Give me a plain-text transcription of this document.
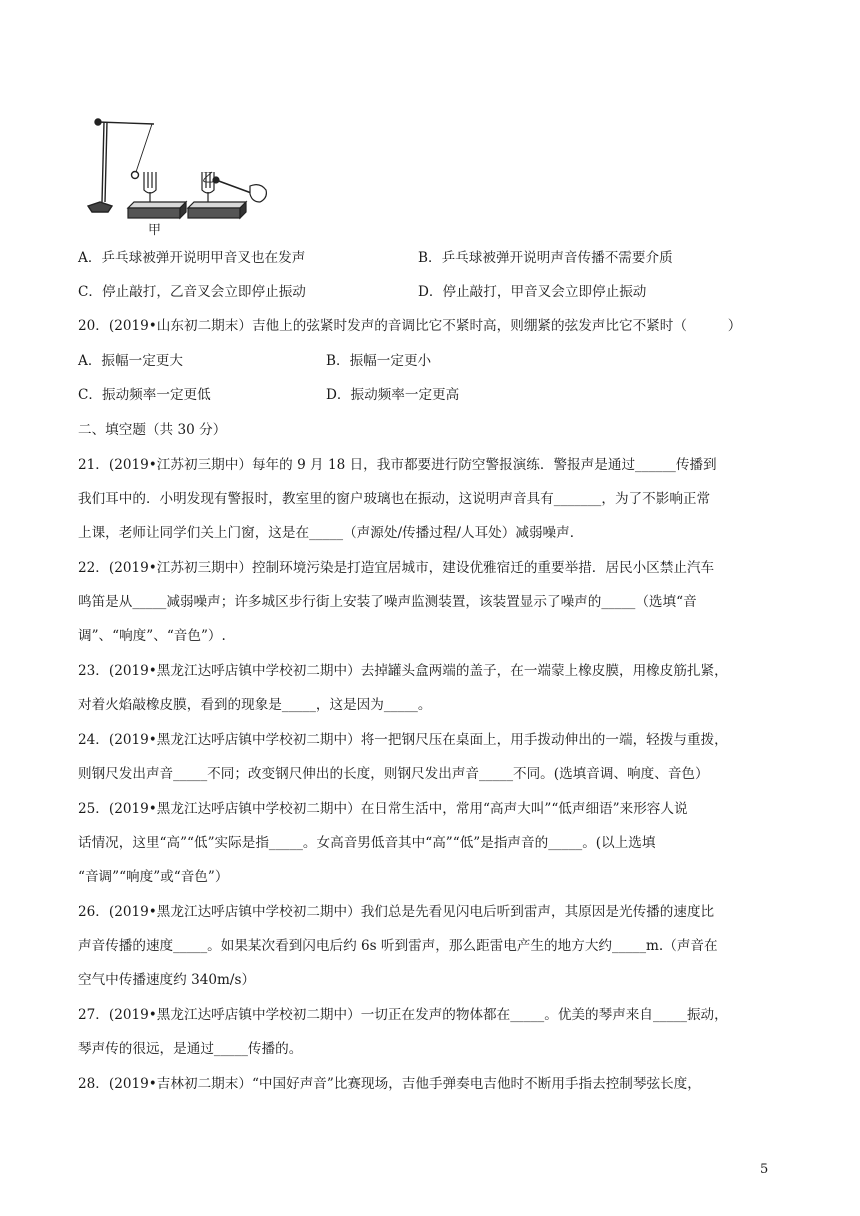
甲
乙
A．乒乓球被弹开说明甲音叉也在发声	B．乒乓球被弹开说明声音传播不需要介质
C．停止敲打，乙音叉会立即停止振动	D．停止敲打，甲音叉会立即停止振动
20．(2019•山东初二期末）吉他上的弦紧时发声的音调比它不紧时高，则绷紧的弦发声比它不紧时（　　　）
A．振幅一定更大	B．振幅一定更小
C．振动频率一定更低	D．振动频率一定更高
二、填空题（共 30 分）
21．(2019•江苏初三期中）每年的 9 月 18 日，我市都要进行防空警报演练．警报声是通过______传播到
我们耳中的．小明发现有警报时，教室里的窗户玻璃也在振动，这说明声音具有_______，为了不影响正常
上课，老师让同学们关上门窗，这是在_____（声源处/传播过程/人耳处）减弱噪声．
22．(2019•江苏初三期中）控制环境污染是打造宜居城市，建设优雅宿迁的重要举措．居民小区禁止汽车
鸣笛是从_____减弱噪声；许多城区步行街上安装了噪声监测装置，该装置显示了噪声的_____（选填“音
调”、“响度”、“音色”）.
23．(2019•黑龙江达呼店镇中学校初二期中）去掉罐头盒两端的盖子，在一端蒙上橡皮膜，用橡皮筋扎紧，
对着火焰敲橡皮膜，看到的现象是_____，这是因为_____。
24．(2019•黑龙江达呼店镇中学校初二期中）将一把钢尺压在桌面上，用手拨动伸出的一端，轻拨与重拨，
则钢尺发出声音_____不同；改变钢尺伸出的长度，则钢尺发出声音_____不同。(选填音调、响度、音色）
25．(2019•黑龙江达呼店镇中学校初二期中）在日常生活中，常用“高声大叫”“低声细语”来形容人说
话情况，这里“高”“低”实际是指_____。女高音男低音其中“高”“低”是指声音的_____。(以上选填
“音调”“响度”或“音色”）
26．(2019•黑龙江达呼店镇中学校初二期中）我们总是先看见闪电后听到雷声，其原因是光传播的速度比
声音传播的速度_____。如果某次看到闪电后约 6s 听到雷声，那么距雷电产生的地方大约_____m.（声音在
空气中传播速度约 340m/s）
27．(2019•黑龙江达呼店镇中学校初二期中）一切正在发声的物体都在_____。优美的琴声来自_____振动，
琴声传的很远，是通过_____传播的。
28．(2019•吉林初二期末）“中国好声音”比赛现场，吉他手弹奏电吉他时不断用手指去控制琴弦长度，
5
